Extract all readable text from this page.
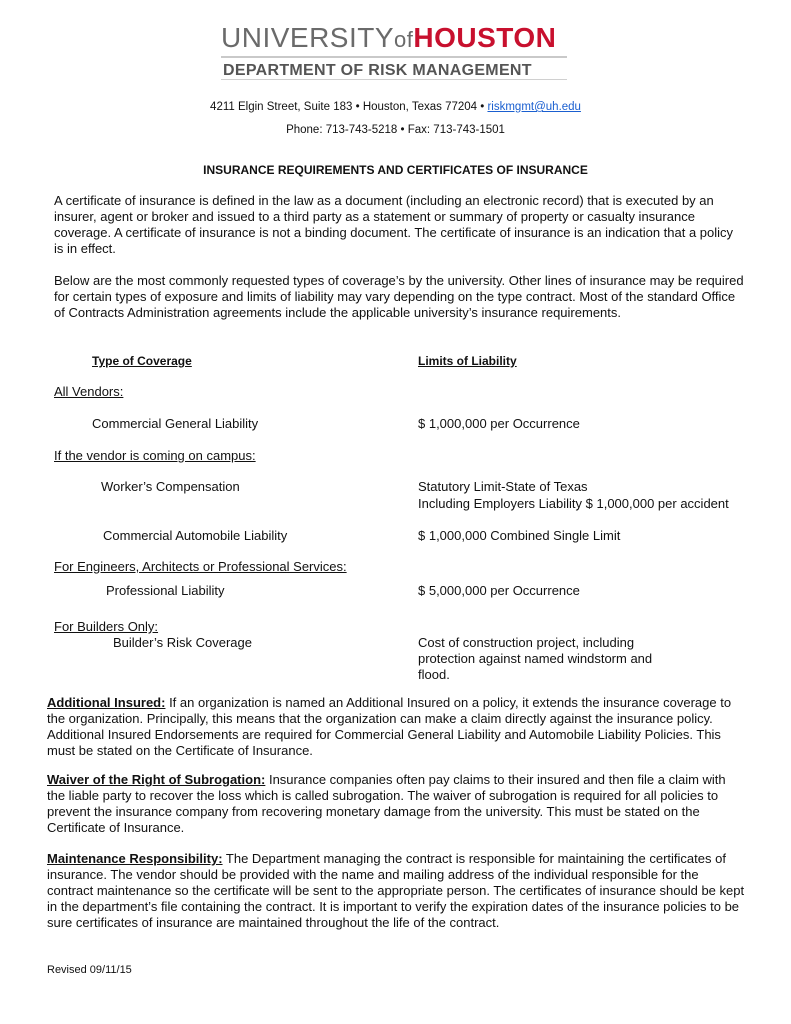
UNIVERSITYofHOUSTON
DEPARTMENT OF RISK MANAGEMENT
4211 Elgin Street, Suite 183 • Houston, Texas 77204 • riskmgmt@uh.edu
Phone: 713-743-5218 • Fax: 713-743-1501
INSURANCE REQUIREMENTS AND CERTIFICATES OF INSURANCE
A certificate of insurance is defined in the law as a document (including an electronic record) that is executed by an insurer, agent or broker and issued to a third party as a statement or summary of property or casualty insurance coverage. A certificate of insurance is not a binding document. The certificate of insurance is an indication that a policy is in effect.
Below are the most commonly requested types of coverage’s by the university. Other lines of insurance may be required for certain types of exposure and limits of liability may vary depending on the type contract. Most of the standard Office of Contracts Administration agreements include the applicable university’s insurance requirements.
Type of Coverage	Limits of Liability
All Vendors:
Commercial General Liability	$ 1,000,000 per Occurrence
If the vendor is coming on campus:
Worker’s Compensation	Statutory Limit-State of Texas
Including Employers Liability $ 1,000,000 per accident
Commercial Automobile Liability	$ 1,000,000 Combined Single Limit
For Engineers, Architects or Professional Services:
Professional Liability	$ 5,000,000 per Occurrence
For Builders Only:
Builder’s Risk Coverage	Cost of construction project, including
protection against named windstorm and
flood.
Additional Insured: If an organization is named an Additional Insured on a policy, it extends the insurance coverage to the organization. Principally, this means that the organization can make a claim directly against the insurance policy. Additional Insured Endorsements are required for Commercial General Liability and Automobile Liability Policies. This must be stated on the Certificate of Insurance.
Waiver of the Right of Subrogation: Insurance companies often pay claims to their insured and then file a claim with the liable party to recover the loss which is called subrogation. The waiver of subrogation is required for all policies to prevent the insurance company from recovering monetary damage from the university. This must be stated on the Certificate of Insurance.
Maintenance Responsibility: The Department managing the contract is responsible for maintaining the certificates of insurance. The vendor should be provided with the name and mailing address of the individual responsible for the contract maintenance so the certificate will be sent to the appropriate person. The certificates of insurance should be kept in the department’s file containing the contract. It is important to verify the expiration dates of the insurance policies to be sure certificates of insurance are maintained throughout the life of the contract.
Revised 09/11/15
